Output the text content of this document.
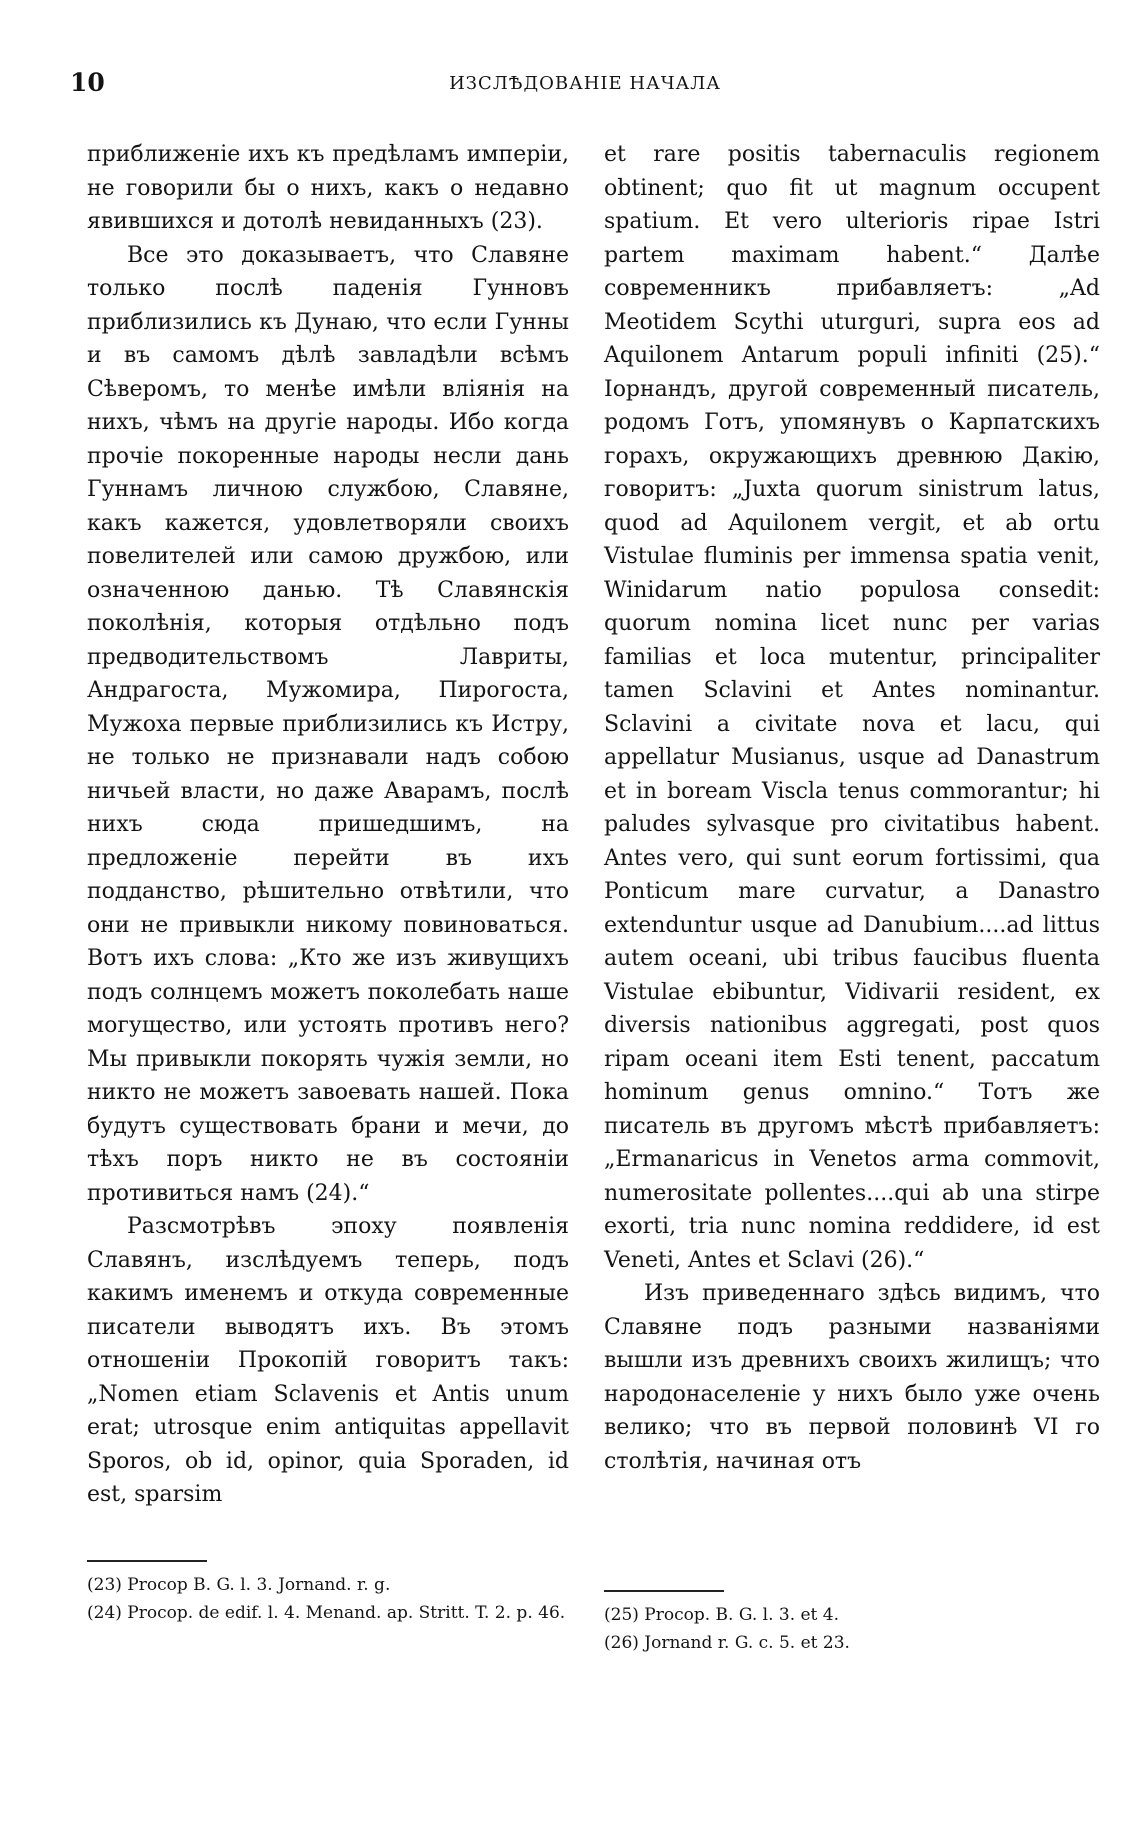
10	ИЗСЛѢДОВАНІЕ НАЧАЛА

приближеніе ихъ къ предѣламъ имперіи, не говорили бы о нихъ, какъ о недавно явившихся и дотолѣ невиданныхъ (23).

Все это доказываетъ, что Славяне только послѣ паденія Гунновъ приблизились къ Дунаю, что если Гунны и въ самомъ дѣлѣ завладѣли всѣмъ Сѣверомъ, то менѣе имѣли вліянія на нихъ, чѣмъ на другіе народы. Ибо когда прочіе покоренные народы несли дань Гуннамъ личною службою, Славяне, какъ кажется, удовлетворяли своихъ повелителей или самою дружбою, или означенною данью. Тѣ Славянскія поколѣнія, которыя отдѣльно подъ предводительствомъ Лавриты, Андрагоста, Мужомира, Пирогоста, Мужоха первые приблизились къ Истру, не только не признавали надъ собою ничьей власти, но даже Аварамъ, послѣ нихъ сюда пришедшимъ, на предложеніе перейти въ ихъ подданство, рѣшительно отвѣтили, что они не привыкли никому повиноваться. Вотъ ихъ слова: „Кто же изъ живущихъ подъ солнцемъ можетъ поколебать наше могущество, или устоять противъ него? Мы привыкли покорять чужія земли, но никто не можетъ завоевать нашей. Пока будутъ существовать брани и мечи, до тѣхъ поръ никто не въ состояніи противиться намъ (24).“

Разсмотрѣвъ эпоху появленія Славянъ, изслѣдуемъ теперь, подъ какимъ именемъ и откуда современные писатели выводятъ ихъ. Въ этомъ отношеніи Прокопій говоритъ такъ: „Nomen etiam Sclavenis et Antis unum erat; utrosque enim antiquitas appellavit Sporos, ob id, opinor, quia Sporaden, id est, sparsim

et rare positis tabernaculis regionem obtinent; quo fit ut magnum occupent spatium. Et vero ulterioris ripae Istri partem maximam habent.“ Далѣе современникъ прибавляетъ: „Ad Meotidem Scythi uturguri, supra eos ad Aquilonem Antarum populi infiniti (25).“ Іорнандъ, другой современный писатель, родомъ Готъ, упомянувъ о Карпатскихъ горахъ, окружающихъ древнюю Дакію, говоритъ: „Juxta quorum sinistrum latus, quod ad Aquilonem vergit, et ab ortu Vistulae fluminis per immensa spatia venit, Winidarum natio populosa consedit: quorum nomina licet nunc per varias familias et loca mutentur, principaliter tamen Sclavini et Antes nominantur. Sclavini a civitate nova et lacu, qui appellatur Musianus, usque ad Danastrum et in boream Viscla tenus commorantur; hi paludes sylvasque pro civitatibus habent. Antes vero, qui sunt eorum fortissimi, qua Ponticum mare curvatur, a Danastro extenduntur usque ad Danubium....ad littus autem oceani, ubi tribus faucibus fluenta Vistulae ebibuntur, Vidivarii resident, ex diversis nationibus aggregati, post quos ripam oceani item Esti tenent, paccatum hominum genus omnino.“ Тотъ же писатель въ другомъ мѣстѣ прибавляетъ: „Ermanaricus in Venetos arma commovit, numerositate pollentes....qui ab una stirpe exorti, tria nunc nomina reddidere, id est Veneti, Antes et Sclavi (26).“

Изъ приведеннаго здѣсь видимъ, что Славяне подъ разными названіями вышли изъ древнихъ своихъ жилищъ; что народонаселеніе у нихъ было уже очень велико; что въ первой половинѣ VI го столѣтія, начиная отъ

(23) Procop B. G. l. 3. Jornand. r. g.

(24) Procop. de edif. l. 4. Menand. ap. Stritt. T. 2. p. 46. (25) Procop. B. G. l. 3. et 4.

(26) Jornand r. G. c. 5. et 23.
